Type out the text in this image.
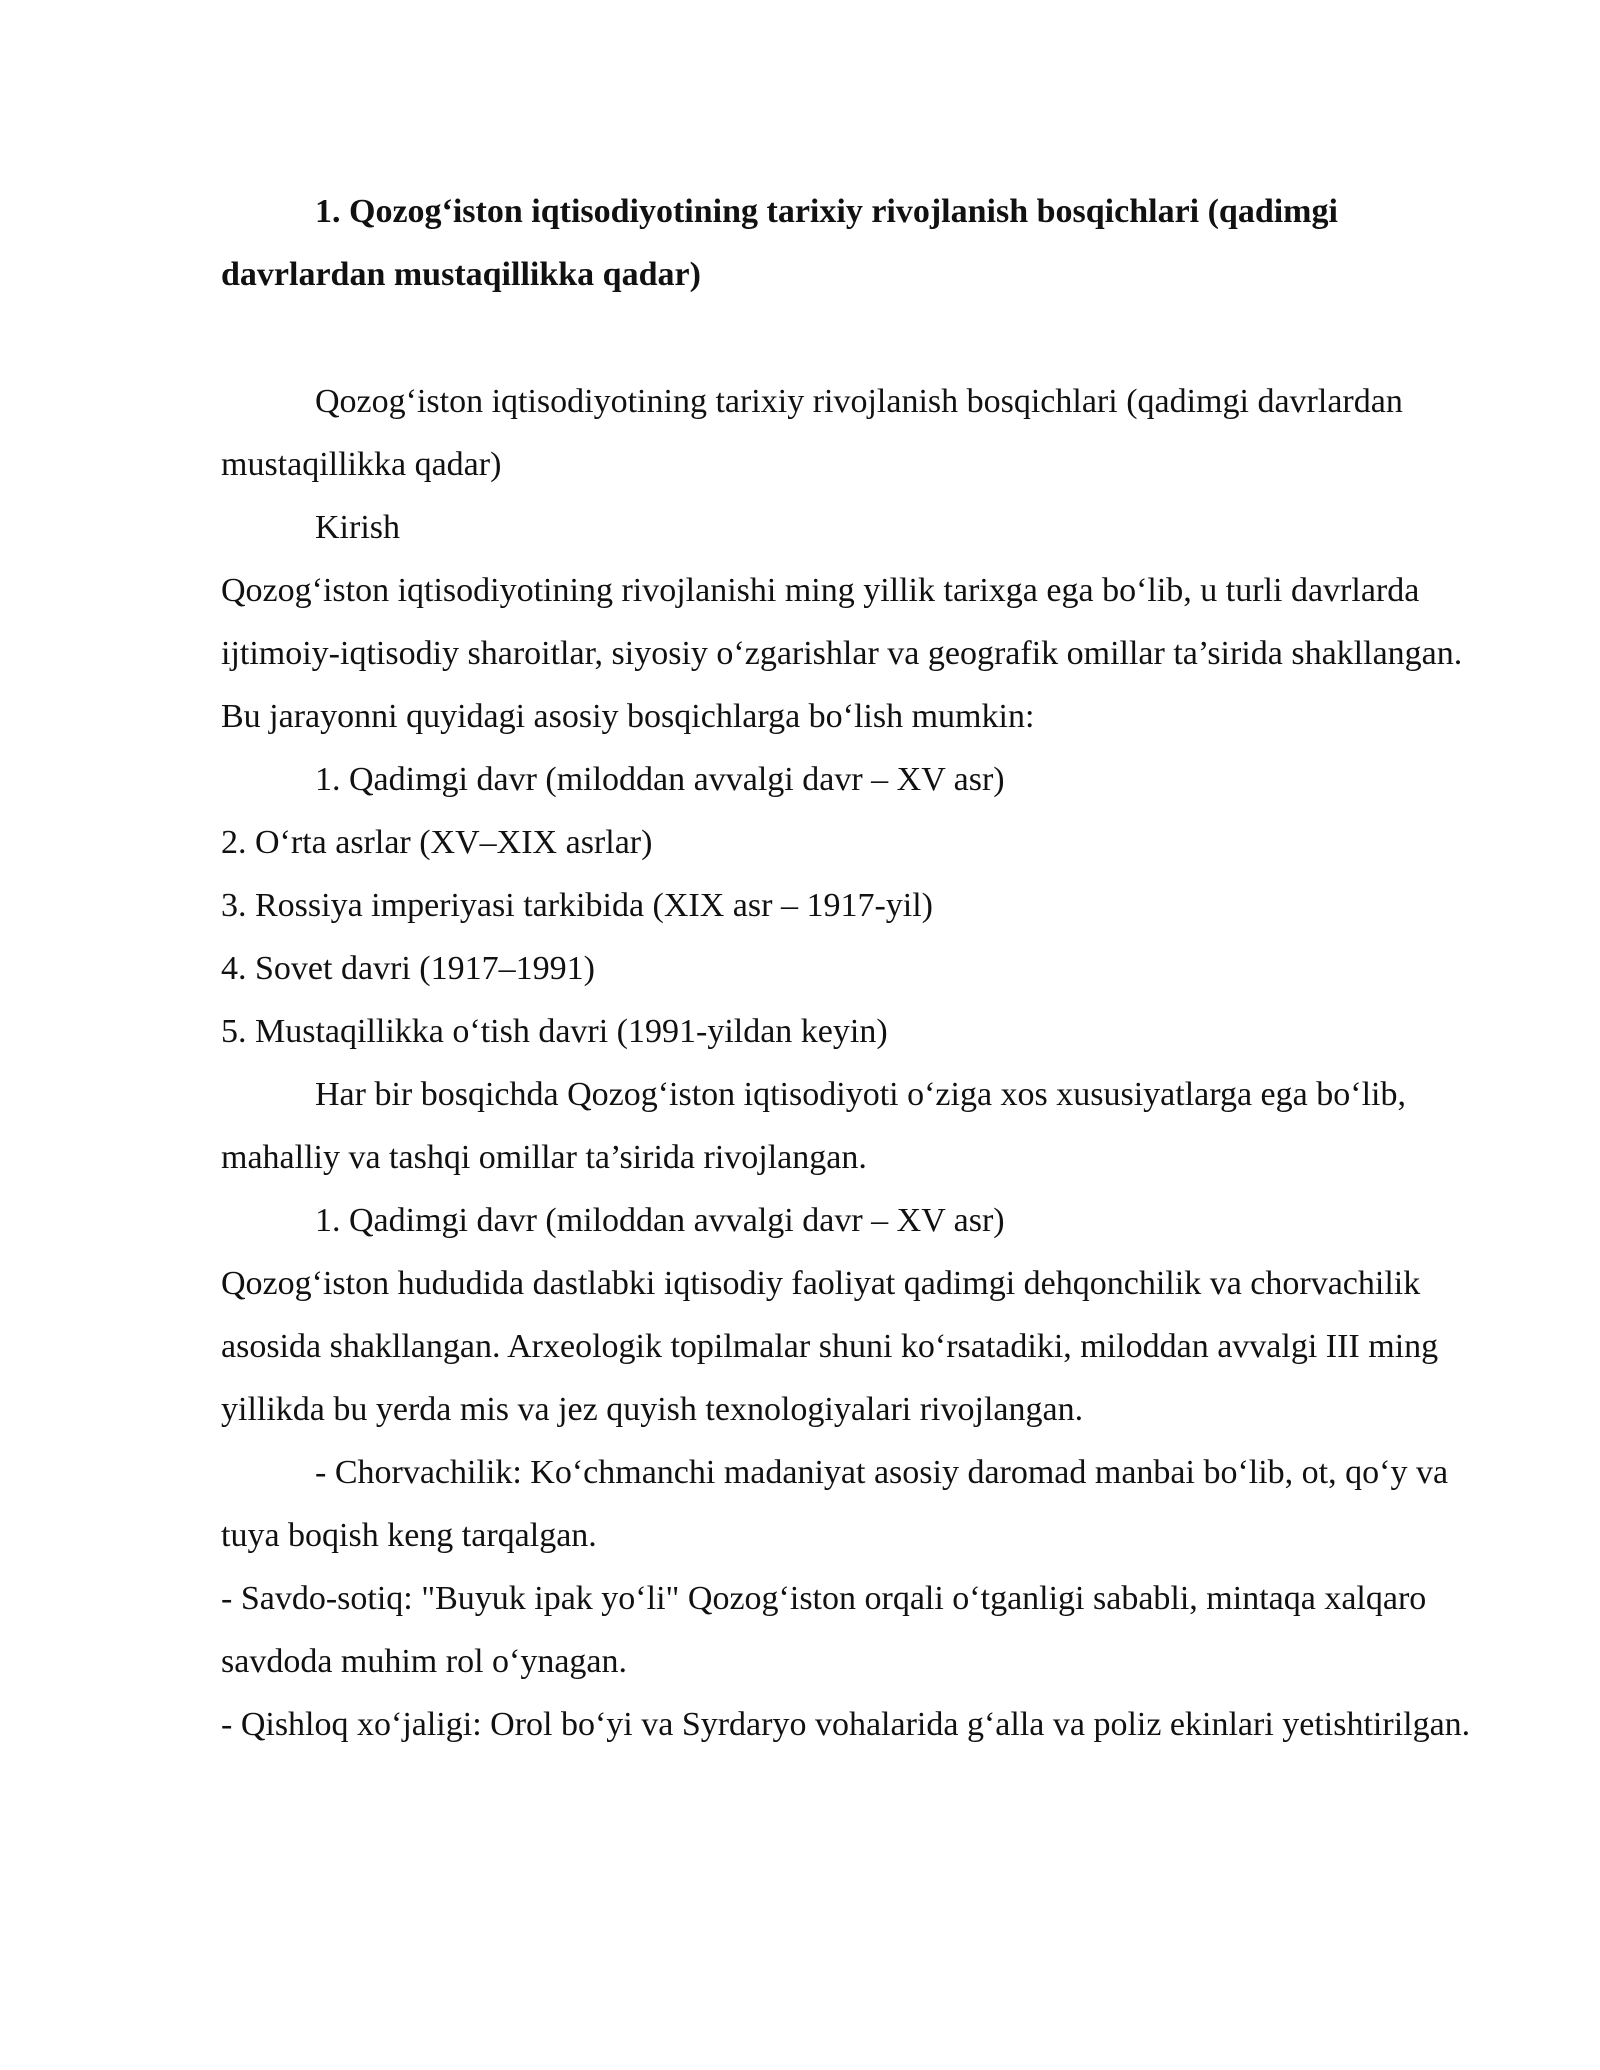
1. Qozog‘iston iqtisodiyotining tarixiy rivojlanish bosqichlari (qadimgi davrlardan mustaqillikka qadar)

Qozog‘iston iqtisodiyotining tarixiy rivojlanish bosqichlari (qadimgi davrlardan mustaqillikka qadar)

Kirish

Qozog‘iston iqtisodiyotining rivojlanishi ming yillik tarixga ega bo‘lib, u turli davrlarda ijtimoiy-iqtisodiy sharoitlar, siyosiy o‘zgarishlar va geografik omillar ta’sirida shakllangan. Bu jarayonni quyidagi asosiy bosqichlarga bo‘lish mumkin:

1. Qadimgi davr (miloddan avvalgi davr – XV asr)

2. O‘rta asrlar (XV–XIX asrlar)

3. Rossiya imperiyasi tarkibida (XIX asr – 1917-yil)

4. Sovet davri (1917–1991)

5. Mustaqillikka o‘tish davri (1991-yildan keyin)

Har bir bosqichda Qozog‘iston iqtisodiyoti o‘ziga xos xususiyatlarga ega bo‘lib, mahalliy va tashqi omillar ta’sirida rivojlangan.

1. Qadimgi davr (miloddan avvalgi davr – XV asr)

Qozog‘iston hududida dastlabki iqtisodiy faoliyat qadimgi dehqonchilik va chorvachilik asosida shakllangan. Arxeologik topilmalar shuni ko‘rsatadiki, miloddan avvalgi III ming yillikda bu yerda mis va jez quyish texnologiyalari rivojlangan.

- Chorvachilik: Ko‘chmanchi madaniyat asosiy daromad manbai bo‘lib, ot, qo‘y va tuya boqish keng tarqalgan.

- Savdo-sotiq: "Buyuk ipak yo‘li" Qozog‘iston orqali o‘tganligi sababli, mintaqa xalqaro savdoda muhim rol o‘ynagan.

- Qishloq xo‘jaligi: Orol bo‘yi va Syrdaryo vohalarida g‘alla va poliz ekinlari yetishtirilgan.
